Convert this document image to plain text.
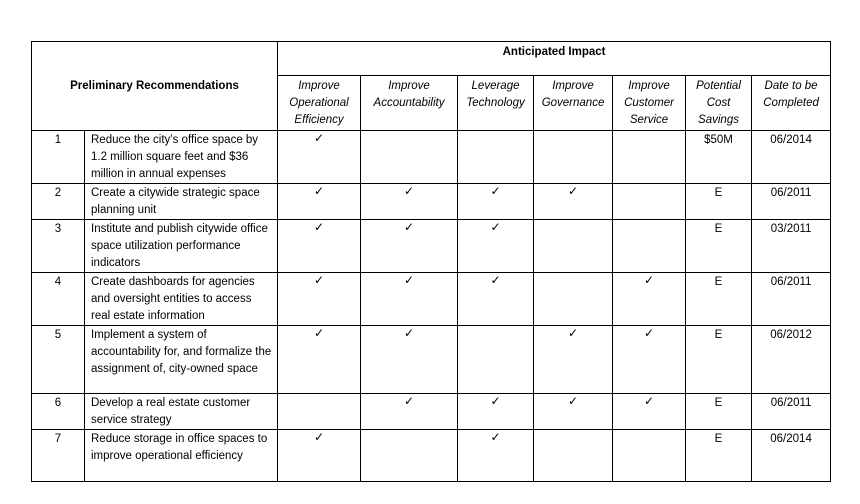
Preliminary Recommendations		Anticipated Impact						
		Improve Operational Efficiency	Improve Accountability	Leverage Technology	Improve Governance	Improve Customer Service	Potential Cost Savings	Date to be Completed
1	Reduce the city’s office space by 1.2 million square feet and $36 million in annual expenses	✓					$50M	06/2014
2	Create a citywide strategic space planning unit	✓	✓	✓	✓		E	06/2011
3	Institute and publish citywide office space utilization performance indicators	✓	✓	✓			E	03/2011
4	Create dashboards for agencies and oversight entities to access real estate information	✓	✓	✓		✓	E	06/2011
5	Implement a system of accountability for, and formalize the assignment of, city-owned space	✓	✓		✓	✓	E	06/2012
6	Develop a real estate customer service strategy		✓	✓	✓	✓	E	06/2011
7	Reduce storage in office spaces to improve operational efficiency	✓		✓			E	06/2014
